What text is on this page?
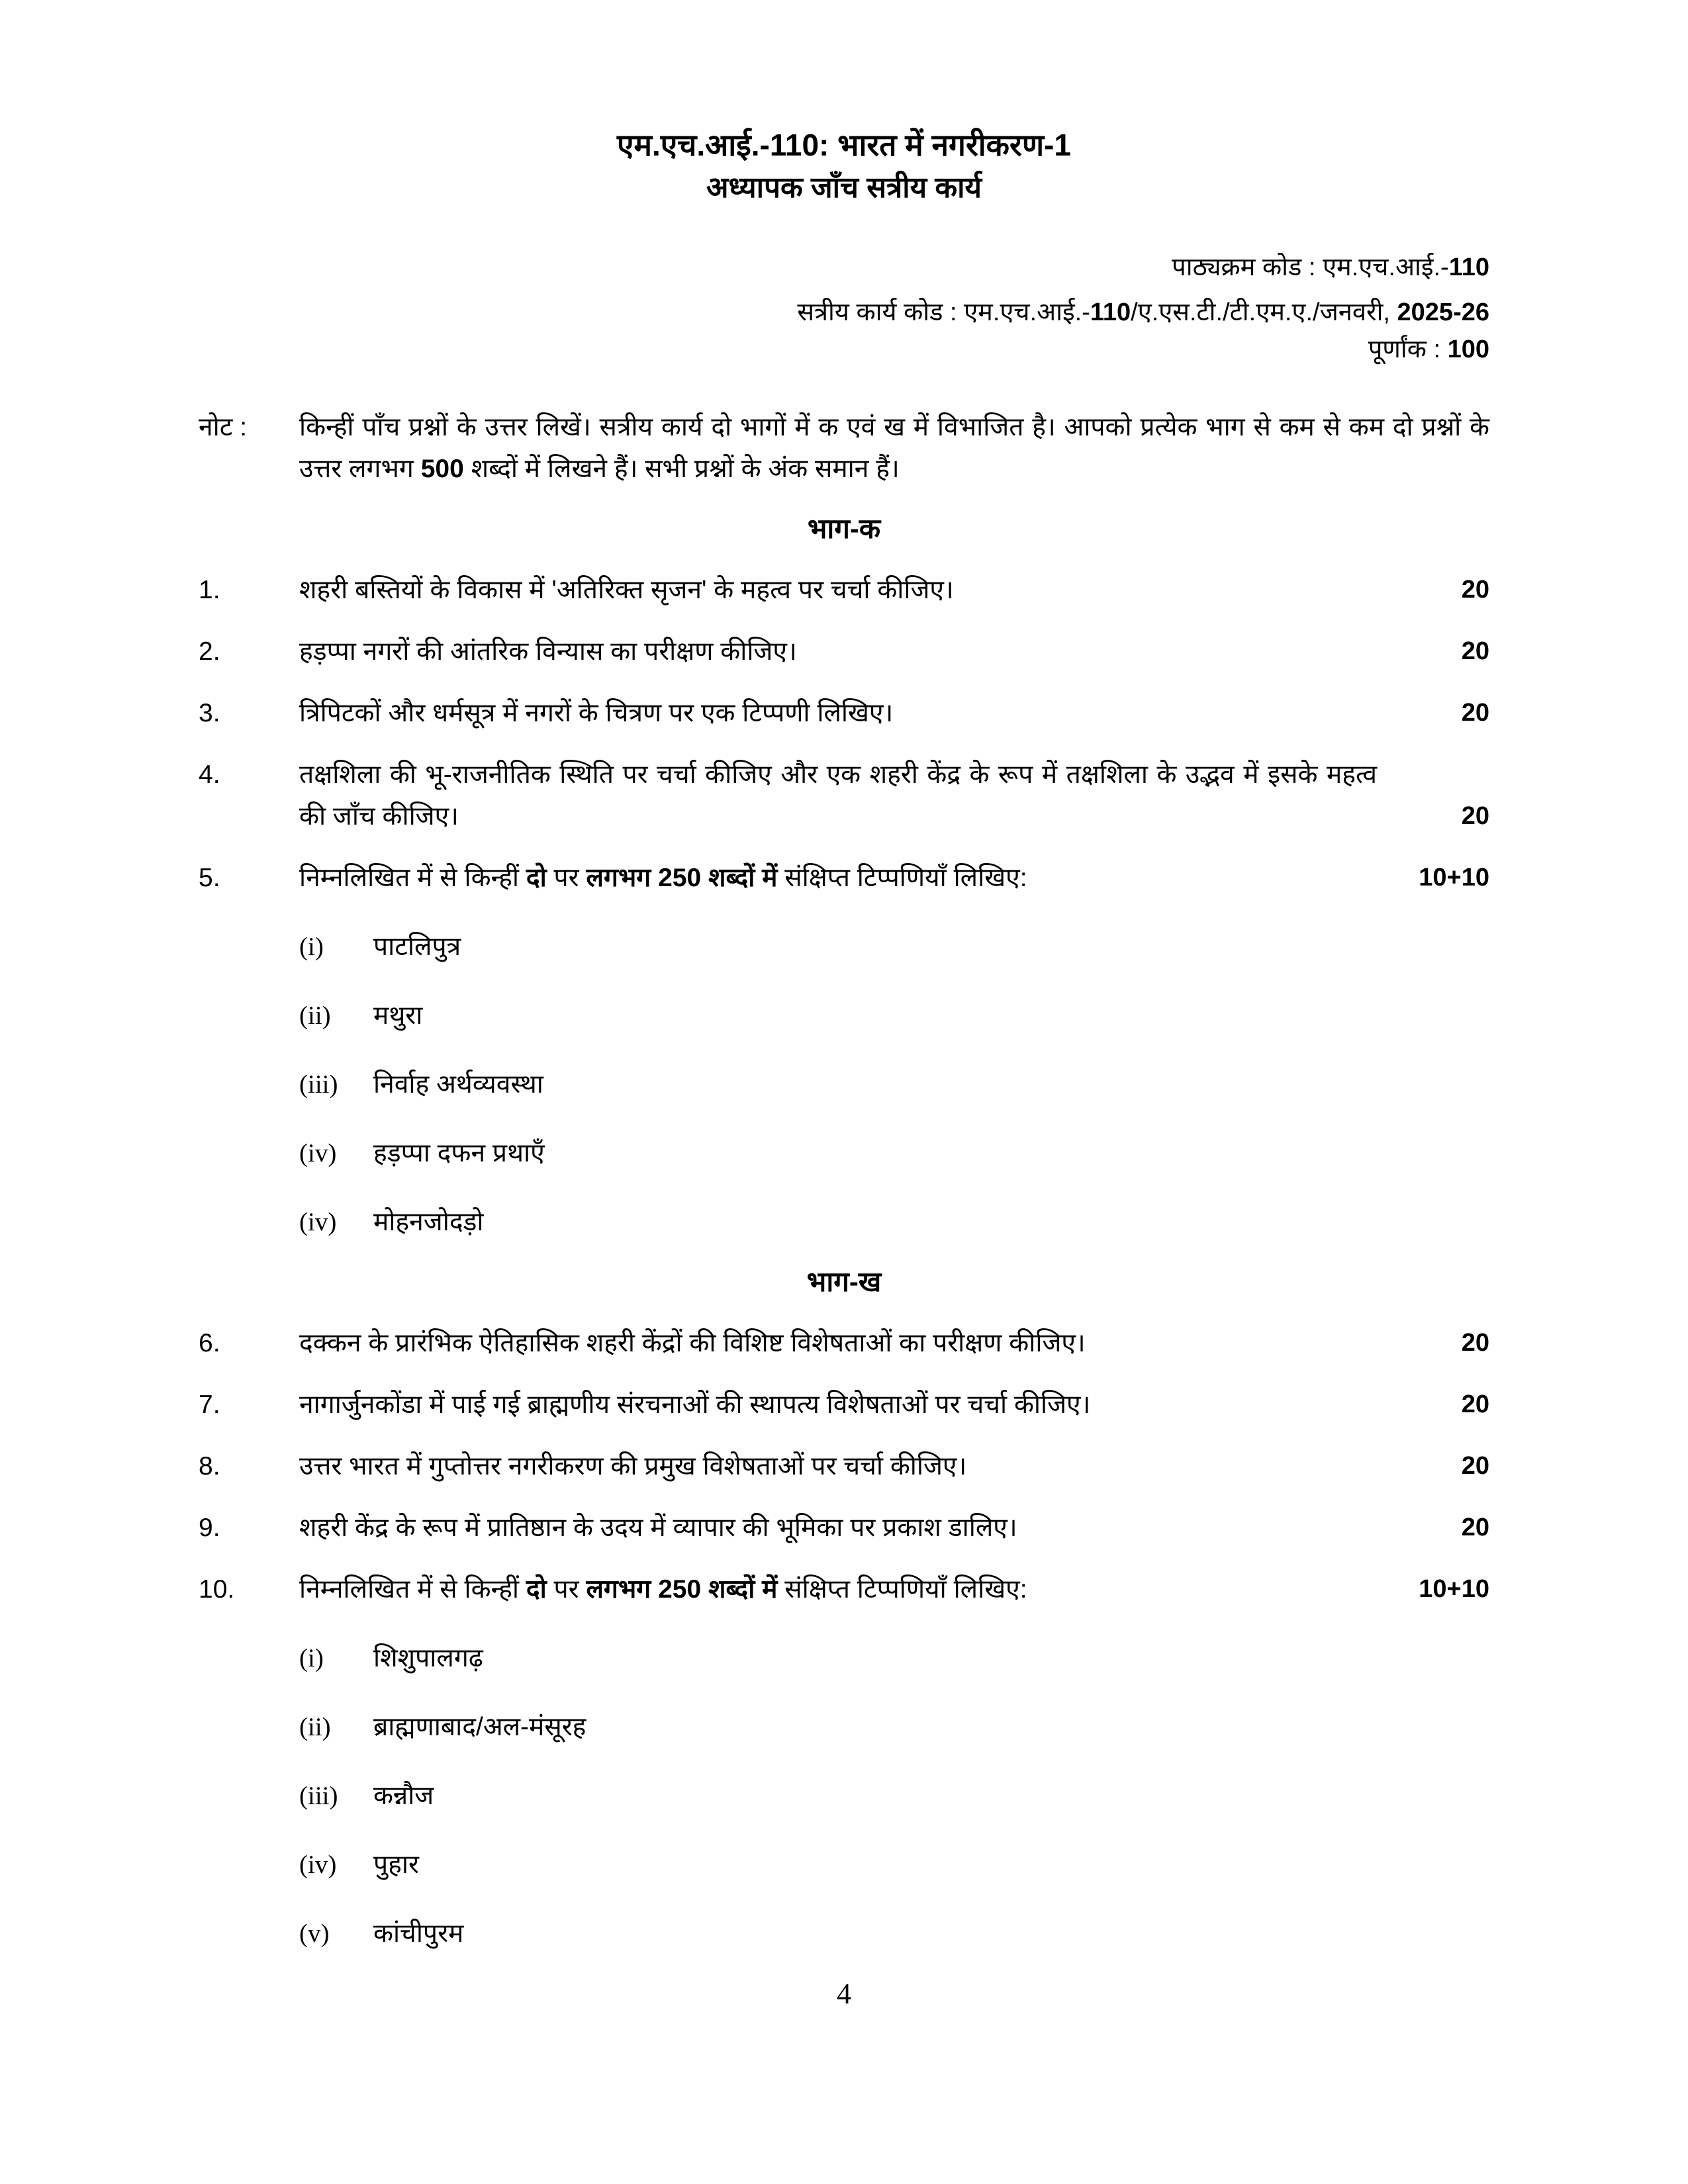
एम.एच.आई.-110: भारत में नगरीकरण-1
अध्यापक जाँच सत्रीय कार्य
पाठ्यक्रम कोड : एम.एच.आई.-110
सत्रीय कार्य कोड : एम.एच.आई.-110/ए.एस.टी./टी.एम.ए./जनवरी, 2025-26
पूर्णांक : 100
नोट :	किन्हीं पाँच प्रश्नों के उत्तर लिखें। सत्रीय कार्य दो भागों में क एवं ख में विभाजित है। आपको प्रत्येक भाग से कम से कम दो प्रश्नों के उत्तर लगभग 500 शब्दों में लिखने हैं। सभी प्रश्नों के अंक समान हैं।
भाग-क
1.	शहरी बस्तियों के विकास में 'अतिरिक्त सृजन' के महत्व पर चर्चा कीजिए।	20
2.	हड़प्पा नगरों की आंतरिक विन्यास का परीक्षण कीजिए।	20
3.	त्रिपिटकों और धर्मसूत्र में नगरों के चित्रण पर एक टिप्पणी लिखिए।	20
4.	तक्षशिला की भू-राजनीतिक स्थिति पर चर्चा कीजिए और एक शहरी केंद्र के रूप में तक्षशिला के उद्भव में इसके महत्व की जाँच कीजिए।	20
5.	निम्नलिखित में से किन्हीं दो पर लगभग 250 शब्दों में संक्षिप्त टिप्पणियाँ लिखिए:	10+10
(i)	पाटलिपुत्र
(ii)	मथुरा
(iii)	निर्वाह अर्थव्यवस्था
(iv)	हड़प्पा दफन प्रथाएँ
(iv)	मोहनजोदड़ो
भाग-ख
6.	दक्कन के प्रारंभिक ऐतिहासिक शहरी केंद्रों की विशिष्ट विशेषताओं का परीक्षण कीजिए।	20
7.	नागार्जुनकोंडा में पाई गई ब्राह्मणीय संरचनाओं की स्थापत्य विशेषताओं पर चर्चा कीजिए।	20
8.	उत्तर भारत में गुप्तोत्तर नगरीकरण की प्रमुख विशेषताओं पर चर्चा कीजिए।	20
9.	शहरी केंद्र के रूप में प्रातिष्ठान के उदय में व्यापार की भूमिका पर प्रकाश डालिए।	20
10.	निम्नलिखित में से किन्हीं दो पर लगभग 250 शब्दों में संक्षिप्त टिप्पणियाँ लिखिए:	10+10
(i)	शिशुपालगढ़
(ii)	ब्राह्मणाबाद/अल-मंसूरह
(iii)	कन्नौज
(iv)	पुहार
(v)	कांचीपुरम
4
